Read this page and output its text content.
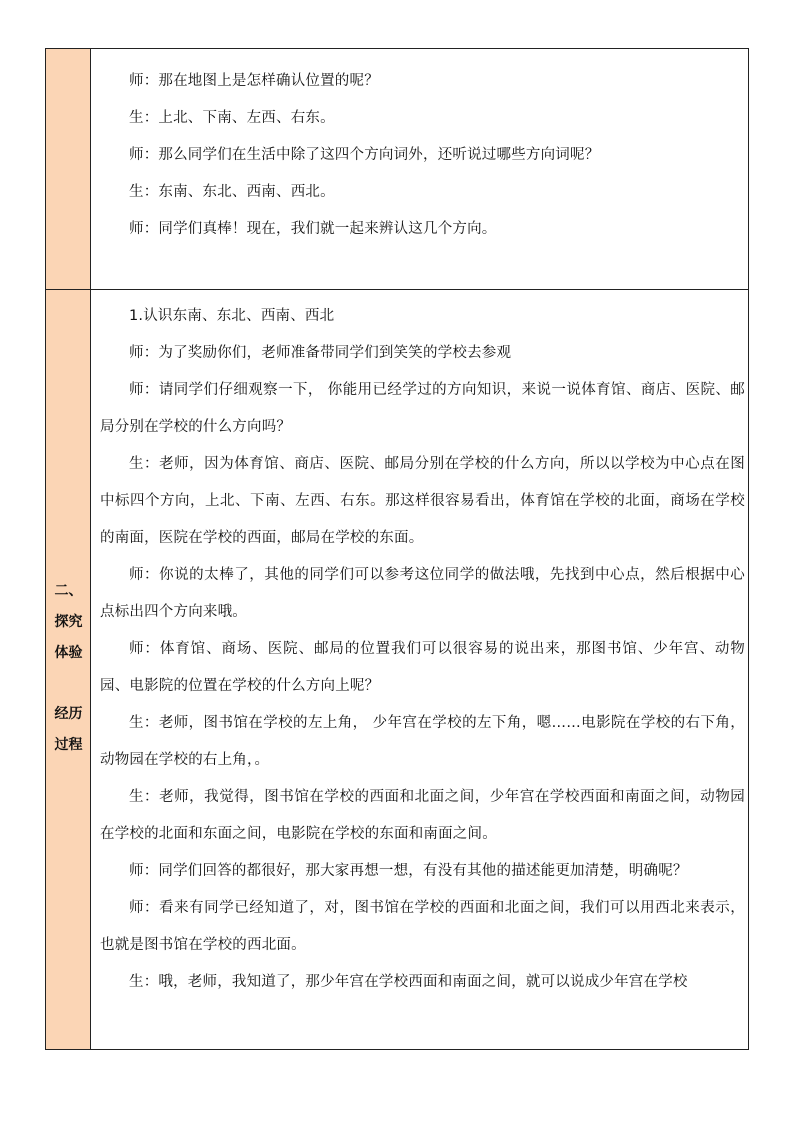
师：那在地图上是怎样确认位置的呢？

生：上北、下南、左西、右东。

师：那么同学们在生活中除了这四个方向词外，还听说过哪些方向词呢？

生：东南、东北、西南、西北。

师：同学们真棒！现在，我们就一起来辨认这几个方向。

二、
探究
体验
经历
过程

1.认识东南、东北、西南、西北

师：为了奖励你们，老师准备带同学们到笑笑的学校去参观

师：请同学们仔细观察一下， 你能用已经学过的方向知识，来说一说体育馆、商店、医院、邮局分别在学校的什么方向吗？

生：老师，因为体育馆、商店、医院、邮局分别在学校的什么方向，所以以学校为中心点在图中标四个方向，上北、下南、左西、右东。那这样很容易看出，体育馆在学校的北面，商场在学校的南面，医院在学校的西面，邮局在学校的东面。

师：你说的太棒了，其他的同学们可以参考这位同学的做法哦，先找到中心点，然后根据中心点标出四个方向来哦。

师：体育馆、商场、医院、邮局的位置我们可以很容易的说出来，那图书馆、少年宫、动物园、电影院的位置在学校的什么方向上呢？

生：老师，图书馆在学校的左上角， 少年宫在学校的左下角，嗯……电影院在学校的右下角，动物园在学校的右上角，。

生：老师，我觉得，图书馆在学校的西面和北面之间，少年宫在学校西面和南面之间，动物园在学校的北面和东面之间，电影院在学校的东面和南面之间。

师：同学们回答的都很好，那大家再想一想，有没有其他的描述能更加清楚，明确呢？

师：看来有同学已经知道了，对，图书馆在学校的西面和北面之间，我们可以用西北来表示，也就是图书馆在学校的西北面。

生：哦，老师，我知道了，那少年宫在学校西面和南面之间，就可以说成少年宫在学校
